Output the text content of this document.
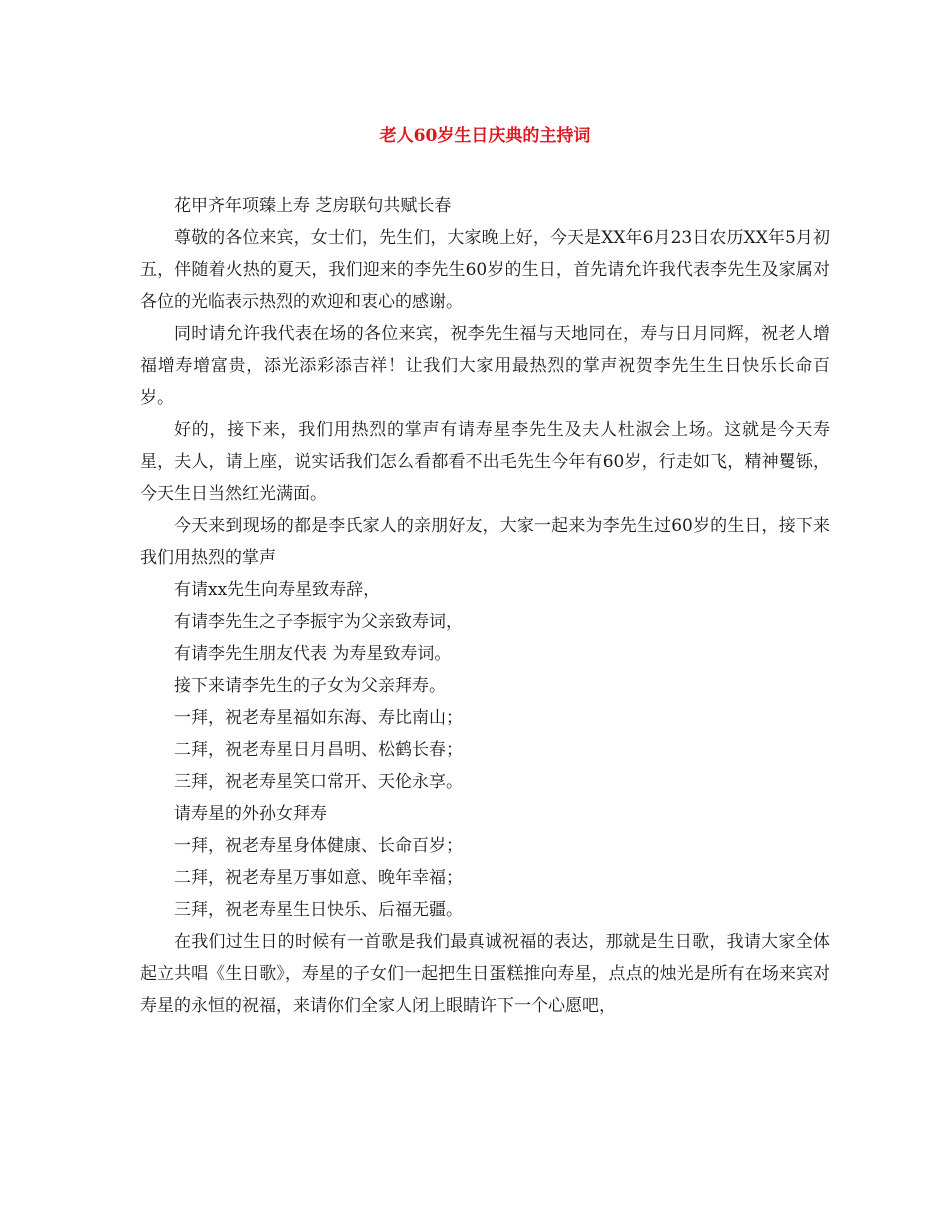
老人60岁生日庆典的主持词

花甲齐年项臻上寿 芝房联句共赋长春

尊敬的各位来宾，女士们，先生们，大家晚上好，今天是XX年6月23日农历XX年5月初五，伴随着火热的夏天，我们迎来的李先生60岁的生日，首先请允许我代表李先生及家属对各位的光临表示热烈的欢迎和衷心的感谢。

同时请允许我代表在场的各位来宾，祝李先生福与天地同在，寿与日月同辉，祝老人增福增寿增富贵，添光添彩添吉祥！让我们大家用最热烈的掌声祝贺李先生生日快乐长命百岁。

好的，接下来，我们用热烈的掌声有请寿星李先生及夫人杜淑会上场。这就是今天寿星，夫人，请上座，说实话我们怎么看都看不出毛先生今年有60岁，行走如飞，精神矍铄，今天生日当然红光满面。

今天来到现场的都是李氏家人的亲朋好友，大家一起来为李先生过60岁的生日，接下来我们用热烈的掌声

有请xx先生向寿星致寿辞，

有请李先生之子李振宇为父亲致寿词，

有请李先生朋友代表 为寿星致寿词。

接下来请李先生的子女为父亲拜寿。

一拜，祝老寿星福如东海、寿比南山；

二拜，祝老寿星日月昌明、松鹤长春；

三拜，祝老寿星笑口常开、天伦永享。

请寿星的外孙女拜寿

一拜，祝老寿星身体健康、长命百岁；

二拜，祝老寿星万事如意、晚年幸福；

三拜，祝老寿星生日快乐、后福无疆。

在我们过生日的时候有一首歌是我们最真诚祝福的表达，那就是生日歌，我请大家全体起立共唱《生日歌》，寿星的子女们一起把生日蛋糕推向寿星，点点的烛光是所有在场来宾对寿星的永恒的祝福，来请你们全家人闭上眼睛许下一个心愿吧，
